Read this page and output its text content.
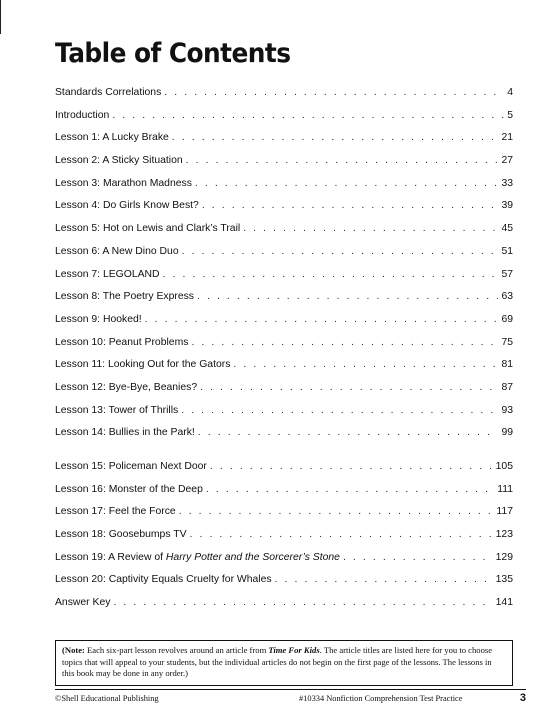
Table of Contents
Standards Correlations . . .	4
Introduction . . .	5
Lesson 1: A Lucky Brake . . .	21
Lesson 2: A Sticky Situation . . .	27
Lesson 3: Marathon Madness . . .	33
Lesson 4: Do Girls Know Best? . . .	39
Lesson 5: Hot on Lewis and Clark’s Trail . . .	45
Lesson 6: A New Dino Duo . . .	51
Lesson 7: LEGOLAND . . .	57
Lesson 8: The Poetry Express . . .	63
Lesson 9: Hooked! . . .	69
Lesson 10: Peanut Problems . . .	75
Lesson 11: Looking Out for the Gators . . .	81
Lesson 12: Bye-Bye, Beanies? . . .	87
Lesson 13: Tower of Thrills . . .	93
Lesson 14: Bullies in the Park! . . .	99
Lesson 15: Policeman Next Door . . .	105
Lesson 16: Monster of the Deep . . .	111
Lesson 17: Feel the Force . . .	117
Lesson 18: Goosebumps TV . . .	123
Lesson 19: A Review of Harry Potter and the Sorcerer’s Stone . . .	129
Lesson 20: Captivity Equals Cruelty for Whales . . .	135
Answer Key . . .	141
(Note: Each six-part lesson revolves around an article from Time For Kids. The article titles are listed here for you to choose topics that will appeal to your students, but the individual articles do not begin on the first page of the lessons. The lessons in this book may be done in any order.)
©Shell Educational Publishing	#10334 Nonfiction Comprehension Test Practice	3
